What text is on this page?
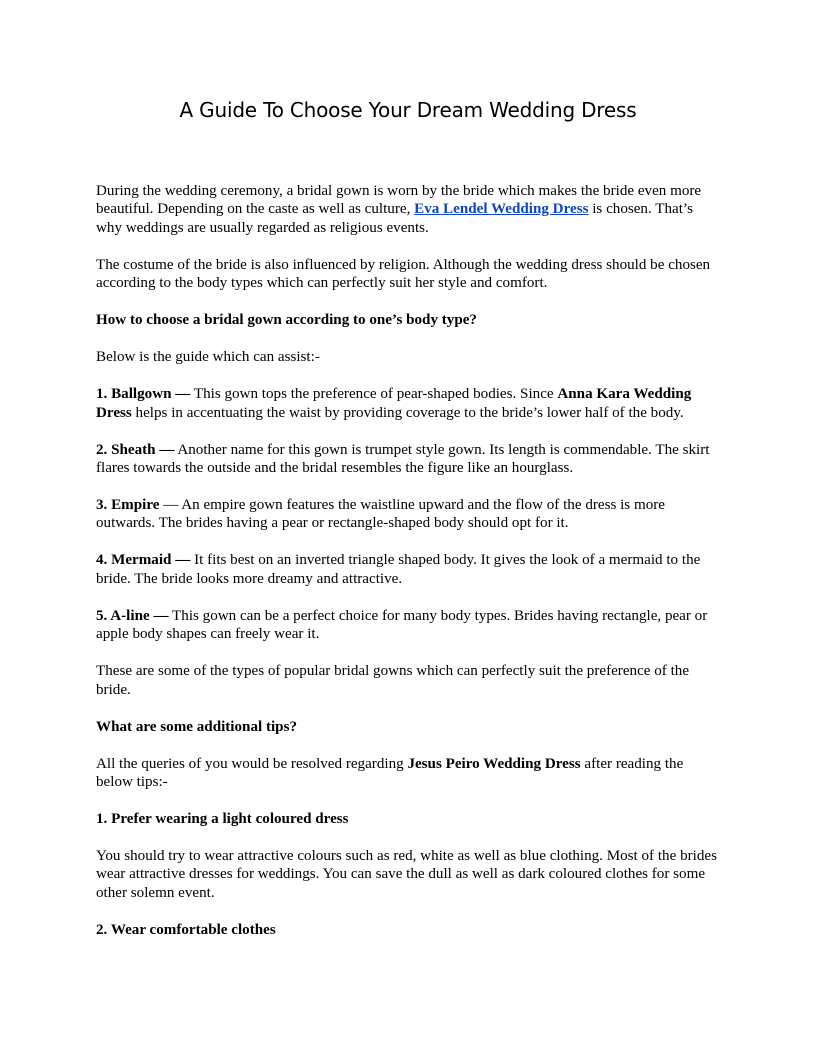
A Guide To Choose Your Dream Wedding Dress

During the wedding ceremony, a bridal gown is worn by the bride which makes the bride even more beautiful. Depending on the caste as well as culture, Eva Lendel Wedding Dress is chosen. That’s why weddings are usually regarded as religious events.

The costume of the bride is also influenced by religion. Although the wedding dress should be chosen according to the body types which can perfectly suit her style and comfort.

How to choose a bridal gown according to one’s body type?

Below is the guide which can assist:-

1. Ballgown — This gown tops the preference of pear-shaped bodies. Since Anna Kara Wedding Dress helps in accentuating the waist by providing coverage to the bride’s lower half of the body.

2. Sheath — Another name for this gown is trumpet style gown. Its length is commendable. The skirt flares towards the outside and the bridal resembles the figure like an hourglass.

3. Empire — An empire gown features the waistline upward and the flow of the dress is more outwards. The brides having a pear or rectangle-shaped body should opt for it.

4. Mermaid — It fits best on an inverted triangle shaped body. It gives the look of a mermaid to the bride. The bride looks more dreamy and attractive.

5. A-line — This gown can be a perfect choice for many body types. Brides having rectangle, pear or apple body shapes can freely wear it.

These are some of the types of popular bridal gowns which can perfectly suit the preference of the bride.

What are some additional tips?

All the queries of you would be resolved regarding Jesus Peiro Wedding Dress after reading the below tips:-

1. Prefer wearing a light coloured dress

You should try to wear attractive colours such as red, white as well as blue clothing. Most of the brides wear attractive dresses for weddings. You can save the dull as well as dark coloured clothes for some other solemn event.

2. Wear comfortable clothes
